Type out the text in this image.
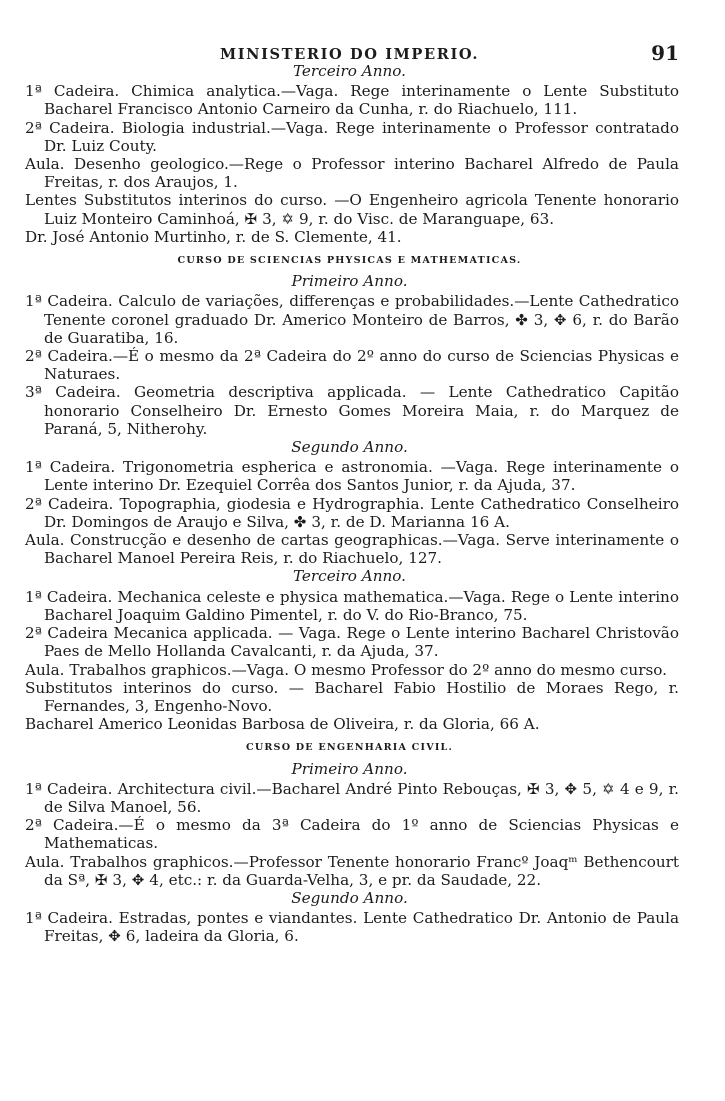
MINISTERIO DO IMPERIO.	91
Terceiro Anno.

1ª Cadeira. Chimica analytica.—Vaga. Rege interinamente o Lente Substituto Bacharel Francisco Antonio Carneiro da Cunha, r. do Riachuelo, 111.

2ª Cadeira. Biologia industrial.—Vaga. Rege interinamente o Professor contratado Dr. Luiz Couty.

Aula. Desenho geologico.—Rege o Professor interino Bacharel Alfredo de Paula Freitas, r. dos Araujos, 1.

Lentes Substitutos interinos do curso. —O Engenheiro agricola Tenente honorario Luiz Monteiro Caminhoá, ✠ 3, ✡ 9, r. do Visc. de Maranguape, 63.

Dr. José Antonio Murtinho, r. de S. Clemente, 41.

CURSO DE SCIENCIAS PHYSICAS E MATHEMATICAS.
Primeiro Anno.

1ª Cadeira. Calculo de variações, differenças e probabilidades.—Lente Cathedratico Tenente coronel graduado Dr. Americo Monteiro de Barros, ✤ 3, ✥ 6, r. do Barão de Guaratiba, 16.

2ª Cadeira.—É o mesmo da 2ª Cadeira do 2º anno do curso de Sciencias Physicas e Naturaes.

3ª Cadeira. Geometria descriptiva applicada. — Lente Cathedratico Capitão honorario Conselheiro Dr. Ernesto Gomes Moreira Maia, r. do Marquez de Paraná, 5, Nitherohy.

Segundo Anno.

1ª Cadeira. Trigonometria espherica e astronomia. —Vaga. Rege interinamente o Lente interino Dr. Ezequiel Corrêa dos Santos Junior, r. da Ajuda, 37.

2ª Cadeira. Topographia, giodesia e Hydrographia. Lente Cathedratico Conselheiro Dr. Domingos de Araujo e Silva, ✤ 3, r. de D. Marianna 16 A.

Aula. Construcção e desenho de cartas geographicas.—Vaga. Serve interinamente o Bacharel Manoel Pereira Reis, r. do Riachuelo, 127.

Terceiro Anno.

1ª Cadeira. Mechanica celeste e physica mathematica.—Vaga. Rege o Lente interino Bacharel Joaquim Galdino Pimentel, r. do V. do Rio-Branco, 75.

2ª Cadeira Mecanica applicada. — Vaga. Rege o Lente interino Bacharel Christovão Paes de Mello Hollanda Cavalcanti, r. da Ajuda, 37.

Aula. Trabalhos graphicos.—Vaga. O mesmo Professor do 2º anno do mesmo curso.

Substitutos interinos do curso. — Bacharel Fabio Hostilio de Moraes Rego, r. Fernandes, 3, Engenho-Novo.

Bacharel Americo Leonidas Barbosa de Oliveira, r. da Gloria, 66 A.

CURSO DE ENGENHARIA CIVIL.
Primeiro Anno.

1ª Cadeira. Architectura civil.—Bacharel André Pinto Rebouças, ✠ 3, ✥ 5, ✡ 4 e 9, r. de Silva Manoel, 56.

2ª Cadeira.—É o mesmo da 3ª Cadeira do 1º anno de Sciencias Physicas e Mathematicas.

Aula. Trabalhos graphicos.—Professor Tenente honorario Francº Joaqᵐ Bethencourt da Sª, ✠ 3, ✥ 4, etc.: r. da Guarda-Velha, 3, e pr. da Saudade, 22.

Segundo Anno.

1ª Cadeira. Estradas, pontes e viandantes. Lente Cathedratico Dr. Antonio de Paula Freitas, ✥ 6, ladeira da Gloria, 6.
